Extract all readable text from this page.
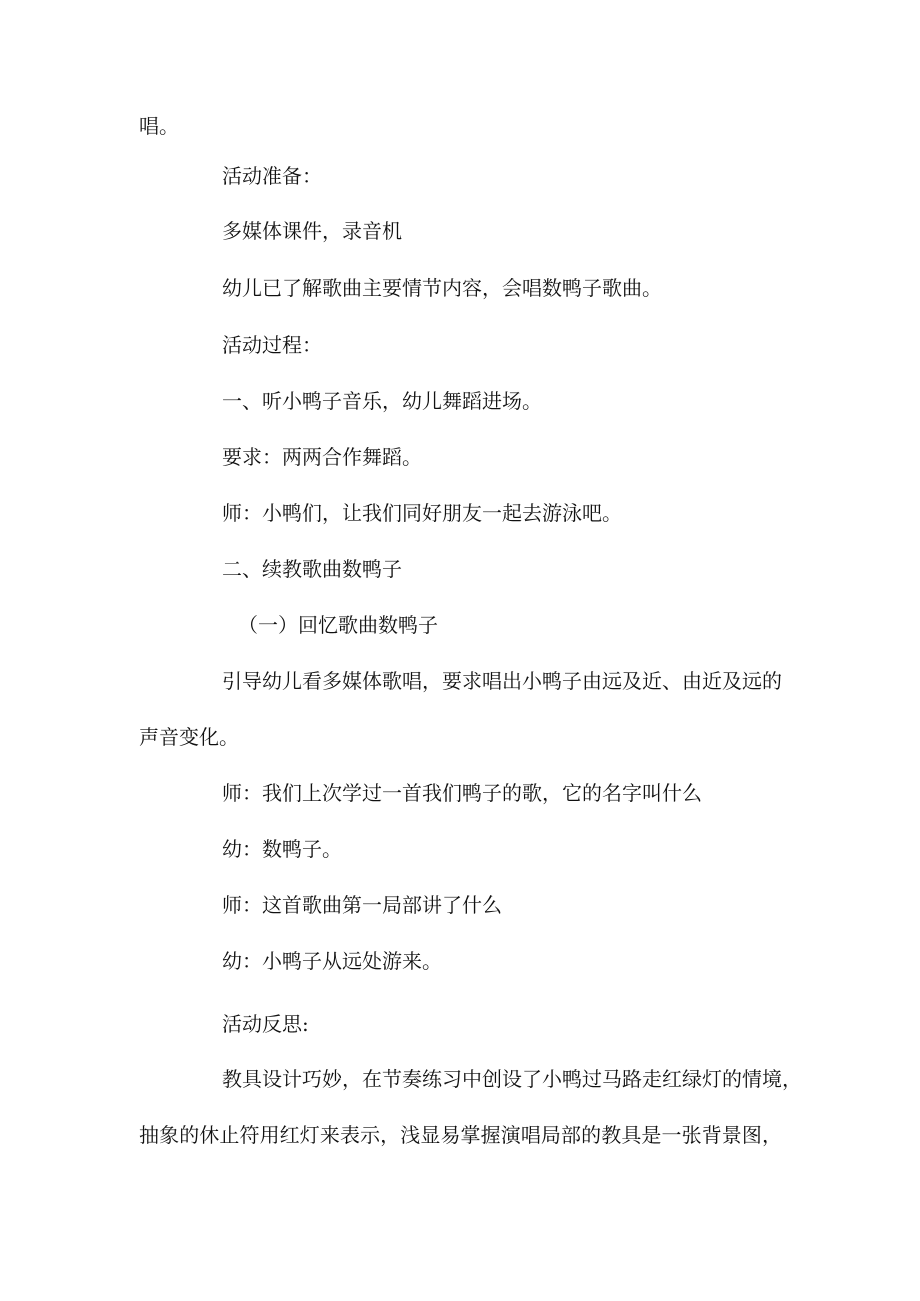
唱。
活动准备：
多媒体课件，录音机
幼儿已了解歌曲主要情节内容，会唱数鸭子歌曲。
活动过程：
一、听小鸭子音乐，幼儿舞蹈进场。
要求：两两合作舞蹈。
师：小鸭们，让我们同好朋友一起去游泳吧。
二、续教歌曲数鸭子
（一）回忆歌曲数鸭子
引导幼儿看多媒体歌唱，要求唱出小鸭子由远及近、由近及远的
声音变化。
师：我们上次学过一首我们鸭子的歌，它的名字叫什么
幼：数鸭子。
师：这首歌曲第一局部讲了什么
幼：小鸭子从远处游来。
活动反思:
教具设计巧妙，在节奏练习中创设了小鸭过马路走红绿灯的情境，
抽象的休止符用红灯来表示，浅显易掌握演唱局部的教具是一张背景图，
